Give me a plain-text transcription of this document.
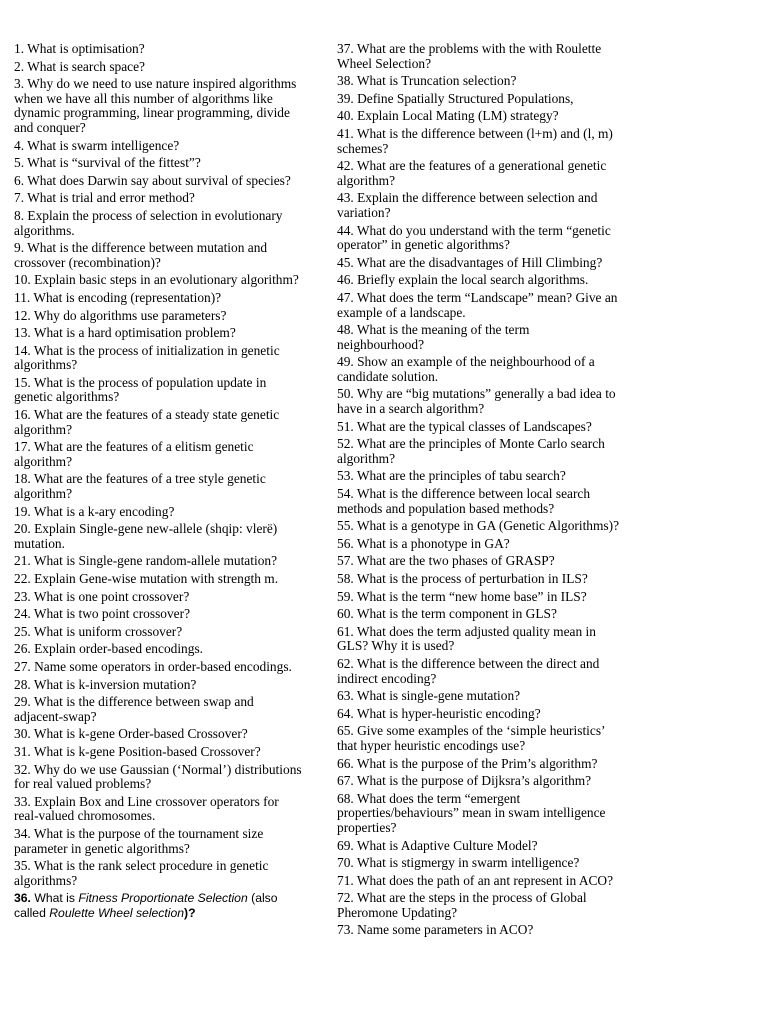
1. What is optimisation?
2. What is search space?
3. Why do we need to use nature inspired algorithms when we have all this number of algorithms like dynamic programming, linear programming, divide and conquer?
4. What is swarm intelligence?
5. What is “survival of the fittest”?
6. What does Darwin say about survival of species?
7. What is trial and error method?
8. Explain the process of selection in evolutionary algorithms.
9. What is the difference between mutation and crossover (recombination)?
10. Explain basic steps in an evolutionary algorithm?
11. What is encoding (representation)?
12. Why do algorithms use parameters?
13. What is a hard optimisation problem?
14. What is the process of initialization in genetic algorithms?
15. What is the process of population update in genetic algorithms?
16. What are the features of a steady state genetic algorithm?
17. What are the features of a elitism genetic algorithm?
18. What are the features of a tree style genetic algorithm?
19. What is a k-ary encoding?
20. Explain Single-gene new-allele (shqip: vlerë) mutation.
21. What is Single-gene random-allele mutation?
22. Explain Gene-wise mutation with strength m.
23. What is one point crossover?
24. What is two point crossover?
25. What is uniform crossover?
26. Explain order-based encodings.
27. Name some operators in order-based encodings.
28. What is k-inversion mutation?
29. What is the difference between swap and adjacent-swap?
30. What is k-gene Order-based Crossover?
31. What is k-gene Position-based Crossover?
32. Why do we use Gaussian (‘Normal’) distributions for real valued problems?
33. Explain Box and Line crossover operators for real-valued chromosomes.
34. What is the purpose of the tournament size parameter in genetic algorithms?
35. What is the rank select procedure in genetic algorithms?
36. What is Fitness Proportionate Selection (also called Roulette Wheel selection)?
37. What are the problems with the with Roulette Wheel Selection?
38. What is Truncation selection?
39. Define Spatially Structured Populations,
40. Explain Local Mating (LM) strategy?
41. What is the difference between (l+m) and (l, m) schemes?
42. What are the features of a generational genetic algorithm?
43. Explain the difference between selection and variation?
44. What do you understand with the term “genetic operator” in genetic algorithms?
45. What are the disadvantages of Hill Climbing?
46. Briefly explain the local search algorithms.
47. What does the term “Landscape” mean? Give an example of a landscape.
48. What is the meaning of the term neighbourhood?
49. Show an example of the neighbourhood of a candidate solution.
50. Why are “big mutations” generally a bad idea to have in a search algorithm?
51. What are the typical classes of Landscapes?
52. What are the principles of Monte Carlo search algorithm?
53. What are the principles of tabu search?
54. What is the difference between local search methods and population based methods?
55. What is a genotype in GA (Genetic Algorithms)?
56. What is a phonotype in GA?
57. What are the two phases of GRASP?
58. What is the process of perturbation in ILS?
59. What is the term “new home base” in ILS?
60. What is the term component in GLS?
61. What does the term adjusted quality mean in GLS? Why it is used?
62. What is the difference between the direct and indirect encoding?
63. What is single-gene mutation?
64. What is hyper-heuristic encoding?
65. Give some examples of the ‘simple heuristics’ that hyper heuristic encodings use?
66. What is the purpose of the Prim’s algorithm?
67. What is the purpose of Dijksra’s algorithm?
68. What does the term “emergent properties/behaviours” mean in swam intelligence properties?
69. What is Adaptive Culture Model?
70. What is stigmergy in swarm intelligence?
71. What does the path of an ant represent in ACO?
72. What are the steps in the process of Global Pheromone Updating?
73. Name some parameters in ACO?
